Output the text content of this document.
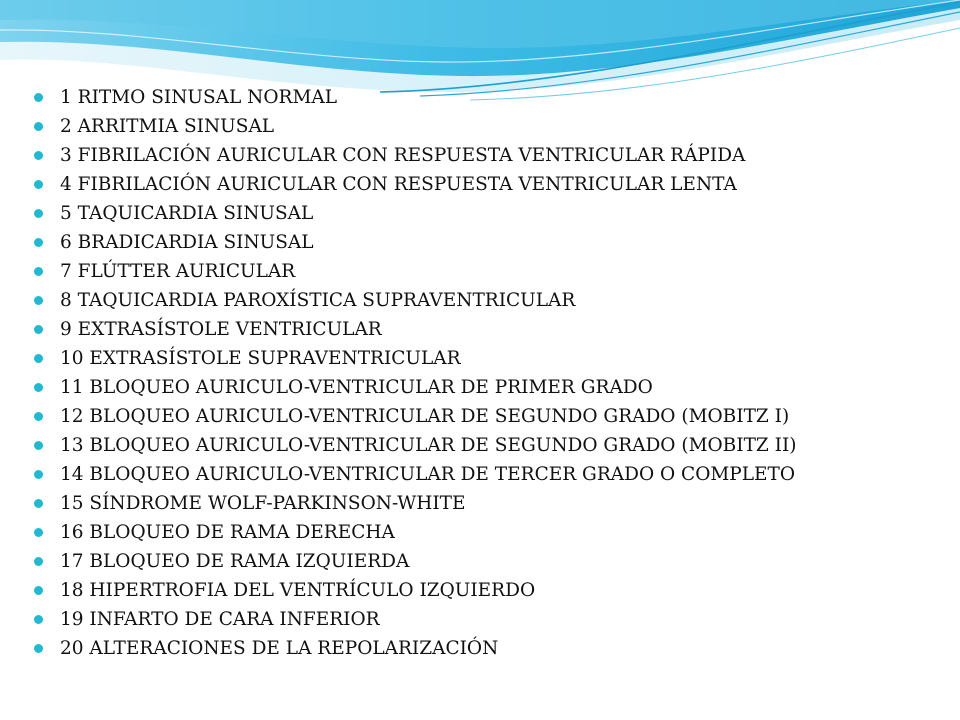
1 RITMO SINUSAL NORMAL
2 ARRITMIA SINUSAL
3 FIBRILACIÓN AURICULAR CON RESPUESTA VENTRICULAR RÁPIDA
4 FIBRILACIÓN AURICULAR CON RESPUESTA VENTRICULAR LENTA
5 TAQUICARDIA SINUSAL
6 BRADICARDIA SINUSAL
7 FLÚTTER AURICULAR
8 TAQUICARDIA PAROXÍSTICA SUPRAVENTRICULAR
9 EXTRASÍSTOLE VENTRICULAR
10 EXTRASÍSTOLE SUPRAVENTRICULAR
11 BLOQUEO AURICULO-VENTRICULAR DE PRIMER GRADO
12 BLOQUEO AURICULO-VENTRICULAR DE SEGUNDO GRADO (MOBITZ I)
13 BLOQUEO AURICULO-VENTRICULAR DE SEGUNDO GRADO (MOBITZ II)
14 BLOQUEO AURICULO-VENTRICULAR DE TERCER GRADO O COMPLETO
15 SÍNDROME WOLF-PARKINSON-WHITE
16 BLOQUEO DE RAMA DERECHA
17 BLOQUEO DE RAMA IZQUIERDA
18 HIPERTROFIA DEL VENTRÍCULO IZQUIERDO
19 INFARTO DE CARA INFERIOR
20 ALTERACIONES DE LA REPOLARIZACIÓN
